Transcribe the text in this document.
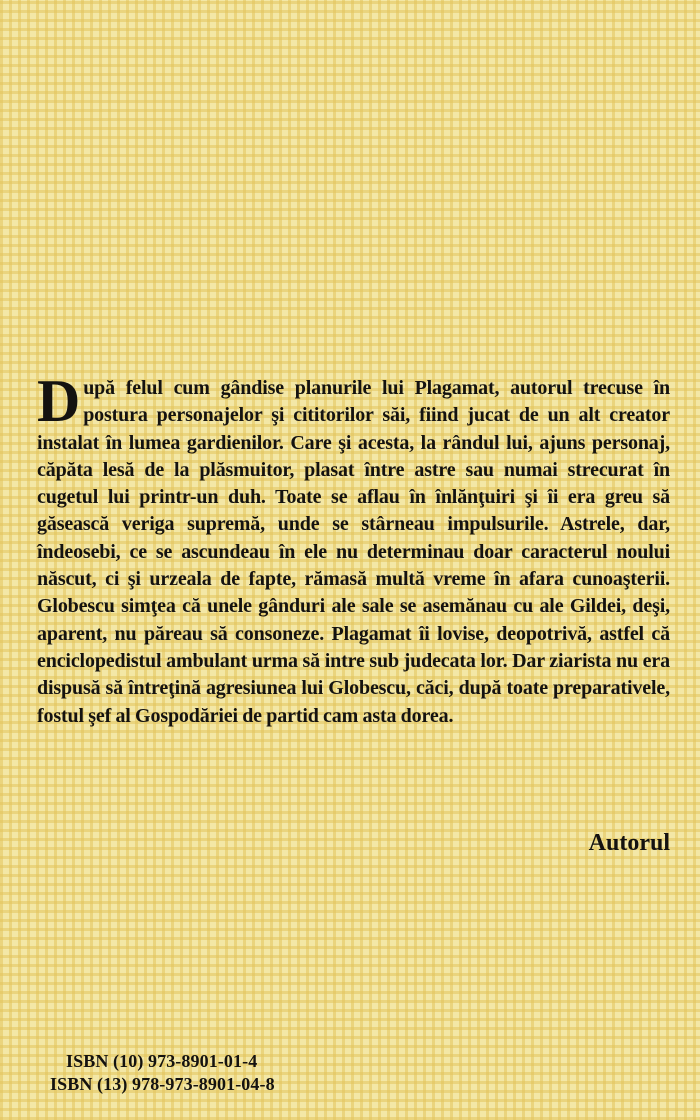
După felul cum gândise planurile lui Plagamat, autorul trecuse în postura personajelor şi cititorilor săi, fiind jucat de un alt creator instalat în lumea gardienilor. Care şi acesta, la rândul lui, ajuns personaj, căpăta lesă de la plăsmuitor, plasat între astre sau numai strecurat în cugetul lui printr-un duh. Toate se aflau în înlănţuiri şi îi era greu să găsească veriga supremă, unde se stârneau impulsurile. Astrele, dar, îndeosebi, ce se ascundeau în ele nu determinau doar caracterul noului născut, ci şi urzeala de fapte, rămasă multă vreme în afara cunoaşterii. Globescu simţea că unele gânduri ale sale se asemănau cu ale Gildei, deşi, aparent, nu păreau să consoneze. Plagamat îi lovise, deopotrivă, astfel că enciclopedistul ambulant urma să intre sub judecata lor. Dar ziarista nu era dispusă să întreţină agresiunea lui Globescu, căci, după toate preparativele, fostul şef al Gospodăriei de partid cam asta dorea.
Autorul
ISBN (10) 973-8901-01-4
ISBN (13) 978-973-8901-04-8
